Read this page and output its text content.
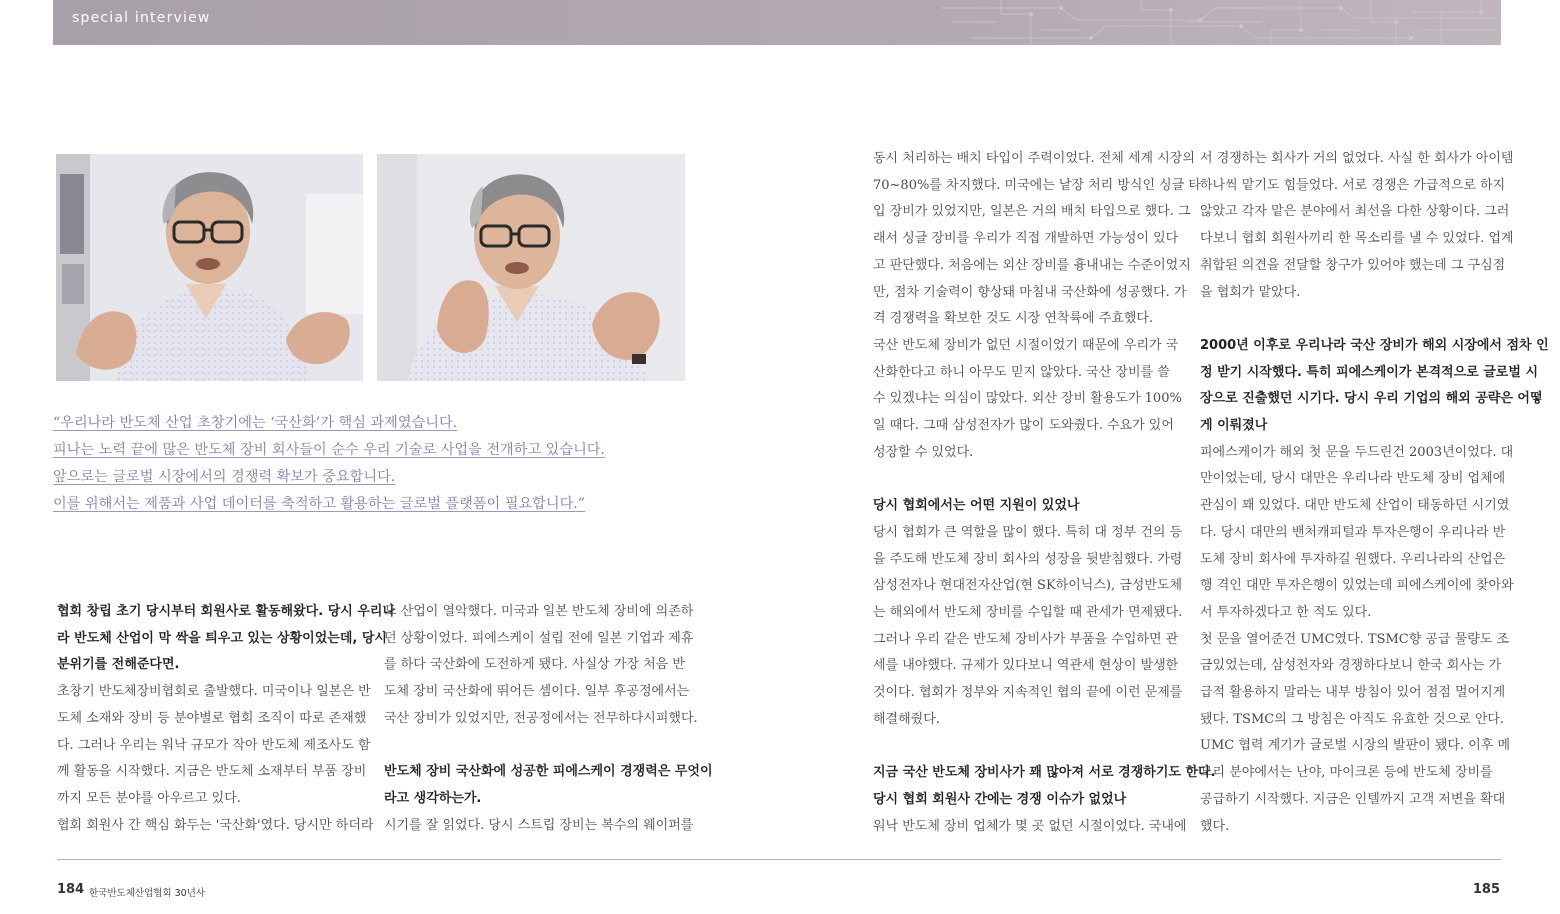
special interview
“우리나라 반도체 산업 초창기에는 ‘국산화’가 핵심 과제였습니다.
피나는 노력 끝에 많은 반도체 장비 회사들이 순수 우리 기술로 사업을 전개하고 있습니다.
앞으로는 글로벌 시장에서의 경쟁력 확보가 중요합니다.
이를 위해서는 제품과 사업 데이터를 축적하고 활용하는 글로벌 플랫폼이 필요합니다.”

협회 창립 초기 당시부터 회원사로 활동해왔다. 당시 우리나

라 반도체 산업이 막 싹을 틔우고 있는 상황이었는데, 당시

분위기를 전해준다면.

초창기 반도체장비협회로 출발했다. 미국이나 일본은 반

도체 소재와 장비 등 분야별로 협회 조직이 따로 존재했

다. 그러나 우리는 워낙 규모가 작아 반도체 제조사도 함

께 활동을 시작했다. 지금은 반도체 소재부터 부품 장비

까지 모든 분야를 아우르고 있다.

협회 회원사 간 핵심 화두는 '국산화'였다. 당시만 하더라

도 산업이 열악했다. 미국과 일본 반도체 장비에 의존하

던 상황이었다. 피에스케이 설립 전에 일본 기업과 제휴

를 하다 국산화에 도전하게 됐다. 사실상 가장 처음 반

도체 장비 국산화에 뛰어든 셈이다. 일부 후공정에서는

국산 장비가 있었지만, 전공정에서는 전무하다시피했다.

반도체 장비 국산화에 성공한 피에스케이 경쟁력은 무엇이

라고 생각하는가.

시기를 잘 읽었다. 당시 스트립 장비는 복수의 웨이퍼를

동시 처리하는 배치 타입이 주력이었다. 전체 세계 시장의

70~80%를 차지했다. 미국에는 낱장 처리 방식인 싱글 타

입 장비가 있었지만, 일본은 거의 배치 타입으로 했다. 그

래서 싱글 장비를 우리가 직접 개발하면 가능성이 있다

고 판단했다. 처음에는 외산 장비를 흉내내는 수준이었지

만, 점차 기술력이 향상돼 마침내 국산화에 성공했다. 가

격 경쟁력을 확보한 것도 시장 연착륙에 주효했다.

국산 반도체 장비가 없던 시절이었기 때문에 우리가 국

산화한다고 하니 아무도 믿지 않았다. 국산 장비를 쓸

수 있겠냐는 의심이 많았다. 외산 장비 활용도가 100%

일 때다. 그때 삼성전자가 많이 도와줬다. 수요가 있어

성장할 수 있었다.

당시 협회에서는 어떤 지원이 있었나

당시 협회가 큰 역할을 많이 했다. 특히 대 정부 건의 등

을 주도해 반도체 장비 회사의 성장을 뒷받침했다. 가령

삼성전자나 현대전자산업(현 SK하이닉스), 금성반도체

는 해외에서 반도체 장비를 수입할 때 관세가 면제됐다.

그러나 우리 같은 반도체 장비사가 부품을 수입하면 관

세를 내야했다. 규제가 있다보니 역관세 현상이 발생한

것이다. 협회가 정부와 지속적인 협의 끝에 이런 문제를

해결해줬다.

지금 국산 반도체 장비사가 꽤 많아져 서로 경쟁하기도 한다.

당시 협회 회원사 간에는 경쟁 이슈가 없었나

워낙 반도체 장비 업체가 몇 곳 없던 시절이었다. 국내에

서 경쟁하는 회사가 거의 없었다. 사실 한 회사가 아이템

하나씩 맡기도 힘들었다. 서로 경쟁은 가급적으로 하지

않았고 각자 맡은 분야에서 최선을 다한 상황이다. 그러

다보니 협회 회원사끼리 한 목소리를 낼 수 있었다. 업계

취합된 의견을 전달할 창구가 있어야 했는데 그 구심점

을 협회가 맡았다.

2000년 이후로 우리나라 국산 장비가 해외 시장에서 점차 인

정 받기 시작했다. 특히 피에스케이가 본격적으로 글로벌 시

장으로 진출했던 시기다. 당시 우리 기업의 해외 공략은 어떻

게 이뤄졌나

피에스케이가 해외 첫 문을 두드린건 2003년이었다. 대

만이었는데, 당시 대만은 우리나라 반도체 장비 업체에

관심이 꽤 있었다. 대만 반도체 산업이 태동하던 시기였

다. 당시 대만의 밴처캐피털과 투자은행이 우리나라 반

도체 장비 회사에 투자하길 원했다. 우리나라의 산업은

행 격인 대만 투자은행이 있었는데 피에스케이에 찾아와

서 투자하겠다고 한 적도 있다.

첫 문을 열어준건 UMC였다. TSMC향 공급 물량도 조

금있었는데, 삼성전자와 경쟁하다보니 한국 회사는 가

급적 활용하지 말라는 내부 방침이 있어 점점 멀어지게

됐다. TSMC의 그 방침은 아직도 유효한 것으로 안다.

UMC 협력 계기가 글로벌 시장의 발판이 됐다. 이후 메

모리 분야에서는 난야, 마이크론 등에 반도체 장비를

공급하기 시작했다. 지금은 인텔까지 고객 저변을 확대

했다.

184 한국반도체산업협회 30년사	185
